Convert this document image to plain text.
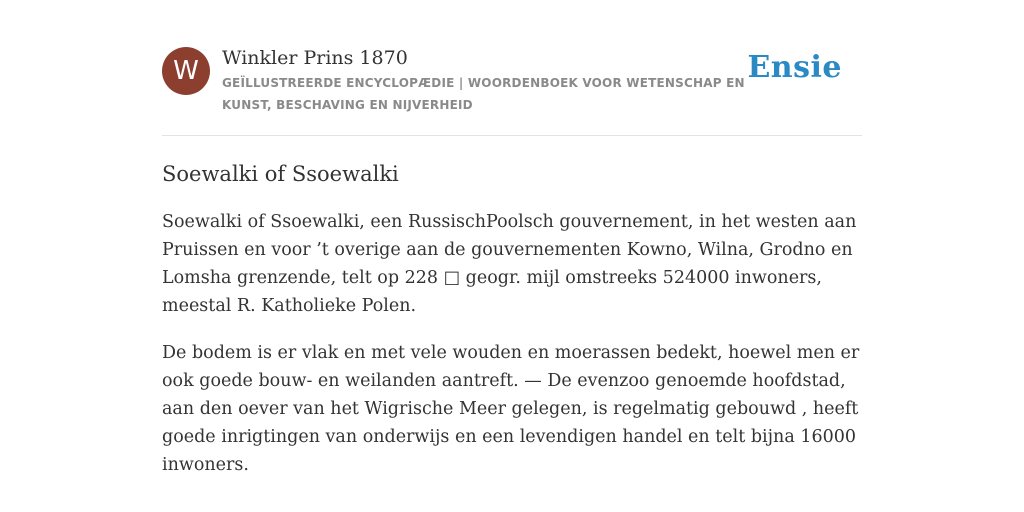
W	Winkler Prins 1870

GEÏLLUSTREERDE ENCYCLOPÆDIE | WOORDENBOEK VOOR WETENSCHAP EN KUNST, BESCHAVING EN NIJVERHEID

Ensie
Soewalki of Ssoewalki

Soewalki of Ssoewalki, een RussischPoolsch gouvernement, in het westen aan Pruissen en voor ’t overige aan de gouvernementen Kowno, Wilna, Grodno en Lomsha grenzende, telt op 228 □ geogr. mijl omstreeks 524000 inwoners, meestal R. Katholieke Polen.

De bodem is er vlak en met vele wouden en moerassen bedekt, hoewel men er ook goede bouw- en weilanden aantreft. — De evenzoo genoemde hoofdstad, aan den oever van het Wigrische Meer gelegen, is regelmatig gebouwd , heeft goede inrigtingen van onderwijs en een levendigen handel en telt bijna 16000 inwoners.
